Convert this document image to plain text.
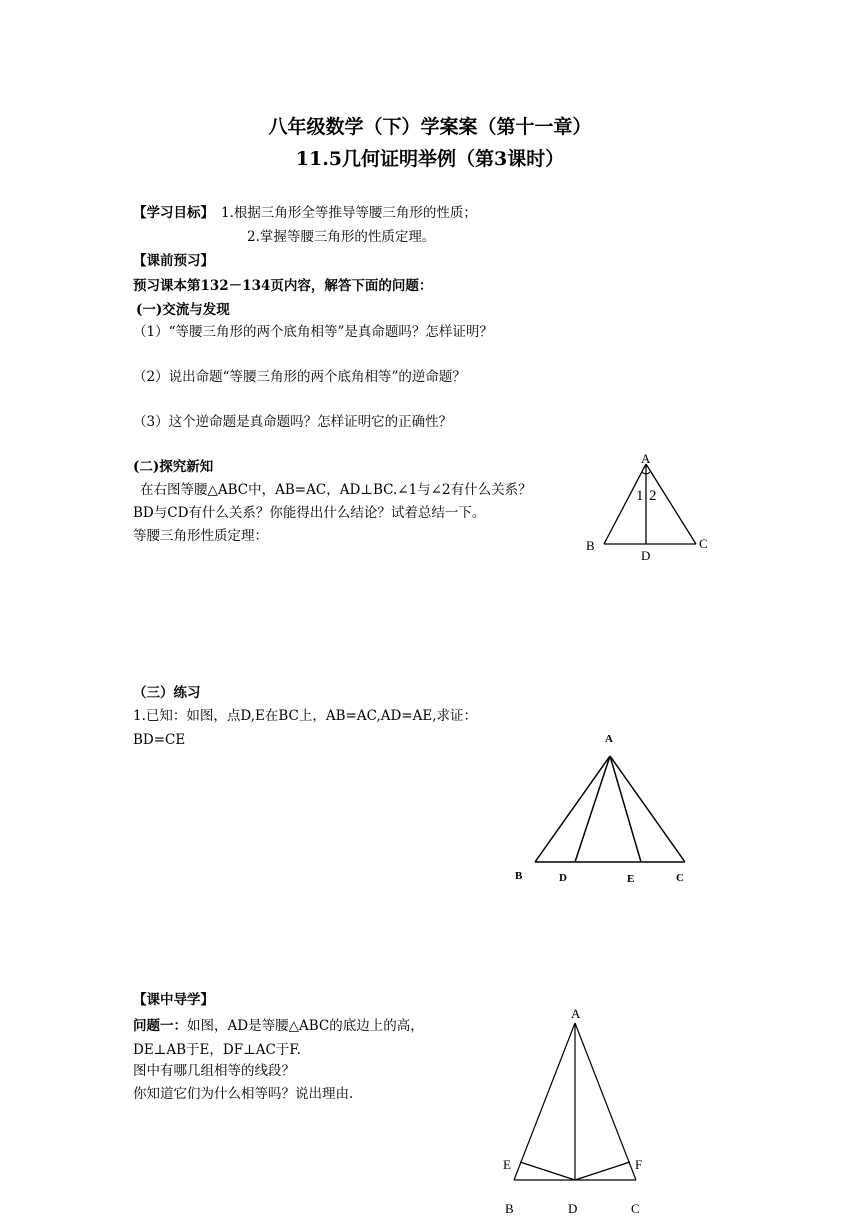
八年级数学（下）学案案（第十一章）
11.5几何证明举例（第3课时）
【学习目标】 1.根据三角形全等推导等腰三角形的性质；
2.掌握等腰三角形的性质定理。
【课前预习】
预习课本第132－134页内容，解答下面的问题：
(一)交流与发现
（1）“等腰三角形的两个底角相等”是真命题吗？怎样证明？
（2）说出命题“等腰三角形的两个底角相等”的逆命题？
（3）这个逆命题是真命题吗？怎样证明它的正确性？
(二)探究新知
在右图等腰△ABC中，AB=AC，AD⊥BC.∠1与∠2有什么关系？
BD与CD有什么关系？你能得出什么结论？试着总结一下。
等腰三角形性质定理：
A
B	C
D
1 2
（三）练习
1.已知：如图，点D,E在BC上，AB=AC,AD=AE,求证：
BD=CE	A
B	D	E	C
【课中导学】
问题一：如图，AD是等腰△ABC的底边上的高，
DE⊥AB于E，DF⊥AC于F.
图中有哪几组相等的线段？
你知道它们为什么相等吗？说出理由.
A
E	F
B	D	C
